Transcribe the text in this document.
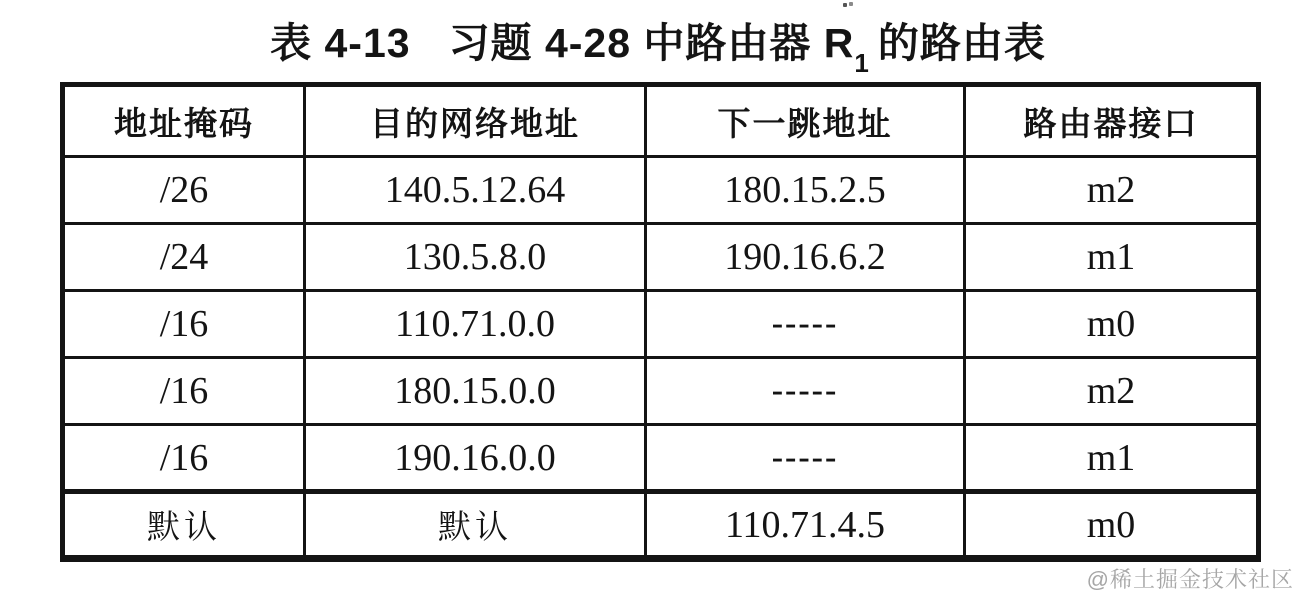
表 4-13 习题 4-28 中路由器 $R_1$ 的路由表
地址掩码	目的网络地址	下一跳地址	路由器接口
/26	140.5.12.64	180.15.2.5	m2
/24	130.5.8.0	190.16.6.2	m1
/16	110.71.0.0	-----	m0
/16	180.15.0.0	-----	m2
/16	190.16.0.0	-----	m1
默认	默认	110.71.4.5	m0
@稀土掘金技术社区
